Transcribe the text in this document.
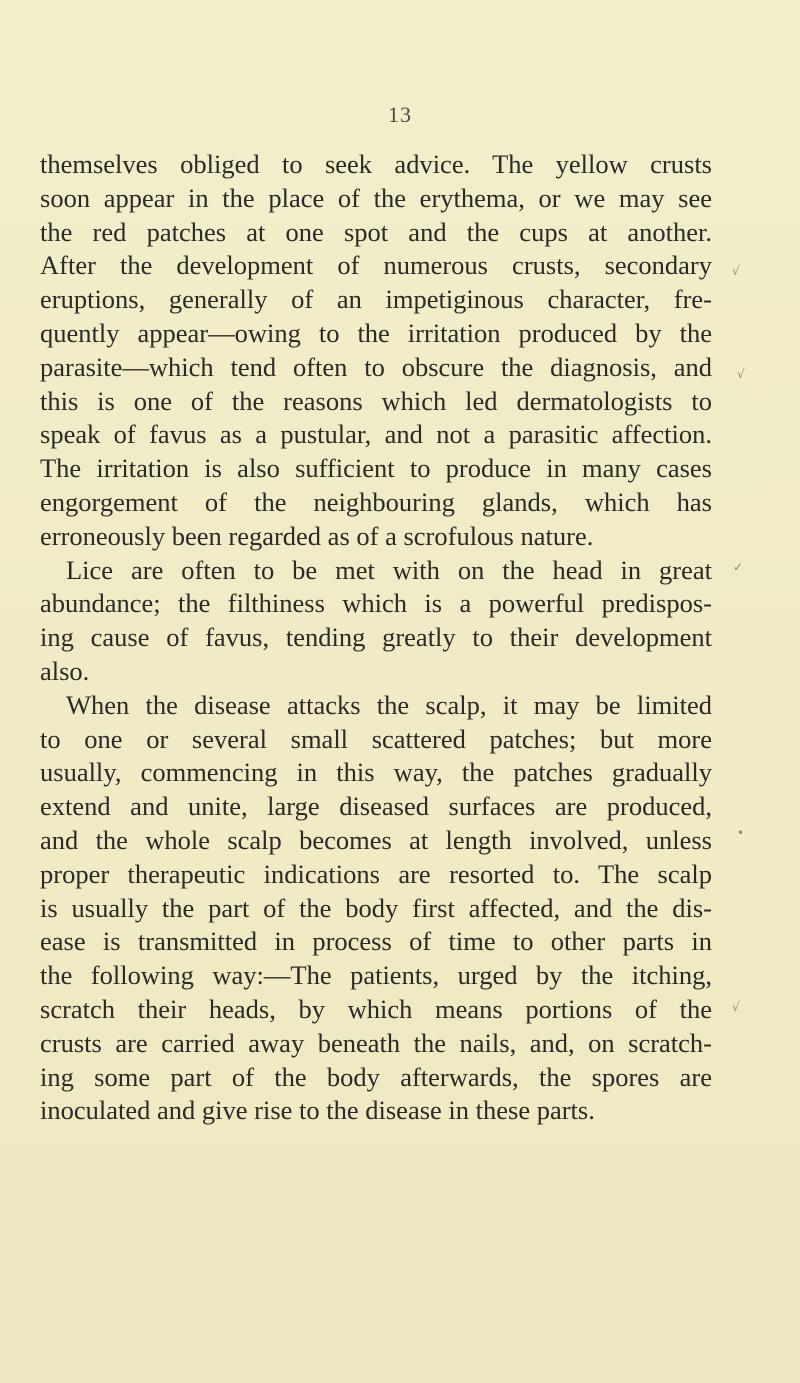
13
themselves obliged to seek advice. The yellow crusts
soon appear in the place of the erythema, or we may see
the red patches at one spot and the cups at another.
After the development of numerous crusts, secondary
eruptions, generally of an impetiginous character, fre-
quently appear—owing to the irritation produced by the
parasite—which tend often to obscure the diagnosis, and
this is one of the reasons which led dermatologists to
speak of favus as a pustular, and not a parasitic affection.
The irritation is also sufficient to produce in many cases
engorgement of the neighbouring glands, which has
erroneously been regarded as of a scrofulous nature.
Lice are often to be met with on the head in great
abundance; the filthiness which is a powerful predispos-
ing cause of favus, tending greatly to their development
also.
When the disease attacks the scalp, it may be limited
to one or several small scattered patches; but more
usually, commencing in this way, the patches gradually
extend and unite, large diseased surfaces are produced,
and the whole scalp becomes at length involved, unless
proper therapeutic indications are resorted to. The scalp
is usually the part of the body first affected, and the dis-
ease is transmitted in process of time to other parts in
the following way:—The patients, urged by the itching,
scratch their heads, by which means portions of the
crusts are carried away beneath the nails, and, on scratch-
ing some part of the body afterwards, the spores are
inoculated and give rise to the disease in these parts.
√
√
✓
•
√
